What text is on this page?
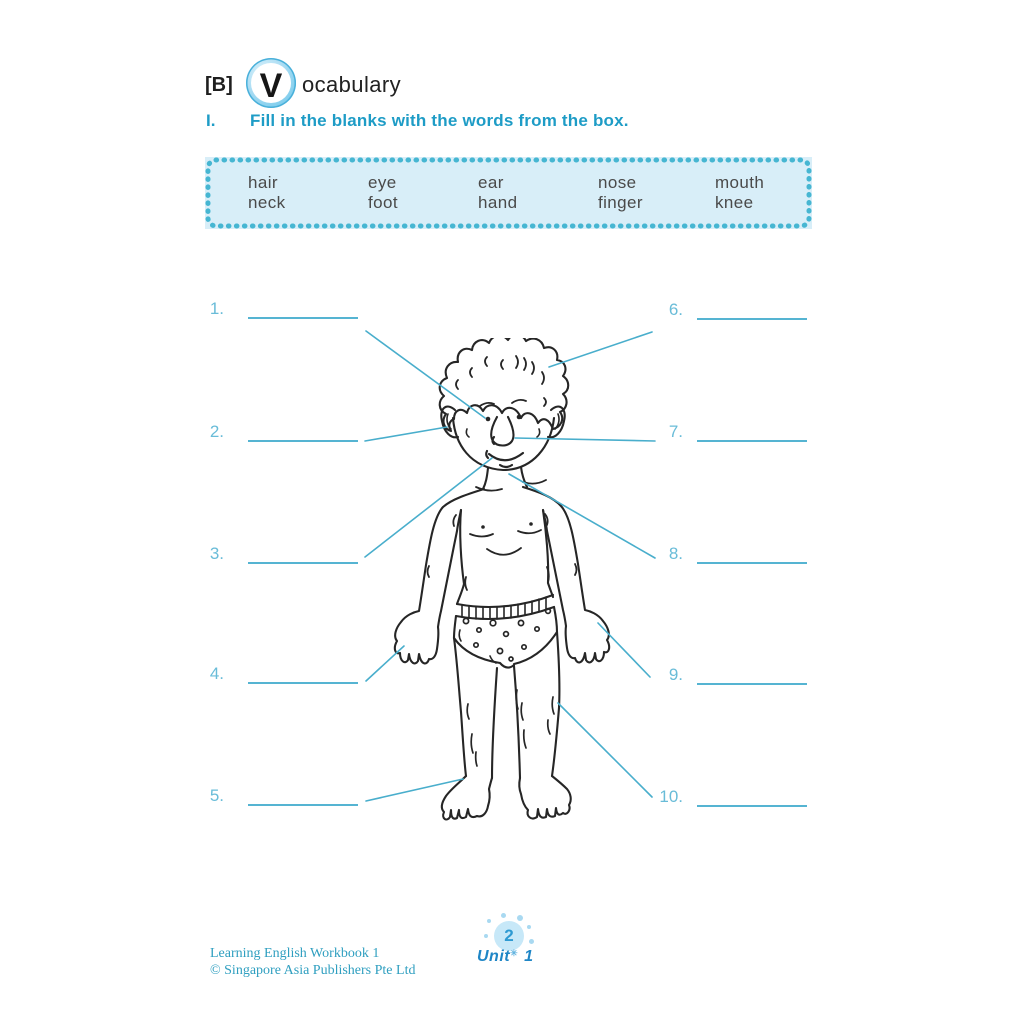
[B] V ocabulary
I. Fill in the blanks with the words from the box.
hair	eye	ear	nose	mouth
neck	foot	hand	finger	knee
1.
2.
3.
4.
5.
6.
7.
8.
9.
10.
Learning English Workbook 1
© Singapore Asia Publishers Pte Ltd
2
Unit✳ 1
